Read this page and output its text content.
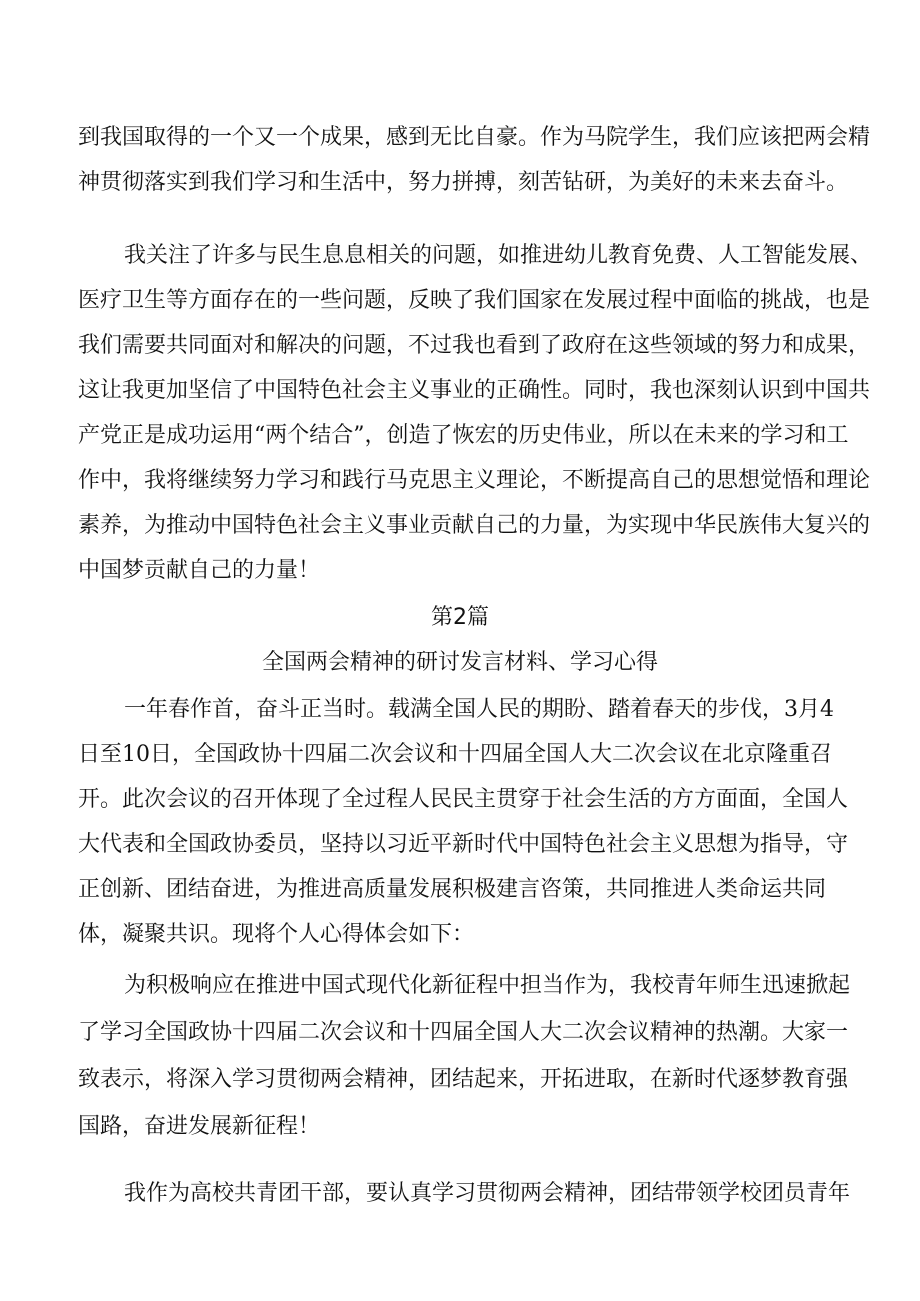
到我国取得的一个又一个成果，感到无比自豪。作为马院学生，我们应该把两会精
神贯彻落实到我们学习和生活中，努力拼搏，刻苦钻研，为美好的未来去奋斗。
我关注了许多与民生息息相关的问题，如推进幼儿教育免费、人工智能发展、
医疗卫生等方面存在的一些问题，反映了我们国家在发展过程中面临的挑战，也是
我们需要共同面对和解决的问题，不过我也看到了政府在这些领域的努力和成果，
这让我更加坚信了中国特色社会主义事业的正确性。同时，我也深刻认识到中国共
产党正是成功运用“两个结合”，创造了恢宏的历史伟业，所以在未来的学习和工
作中，我将继续努力学习和践行马克思主义理论，不断提高自己的思想觉悟和理论
素养，为推动中国特色社会主义事业贡献自己的力量，为实现中华民族伟大复兴的
中国梦贡献自己的力量！
第2篇
全国两会精神的研讨发言材料、学习心得
一年春作首，奋斗正当时。载满全国人民的期盼、踏着春天的步伐，3月4
日至10日，全国政协十四届二次会议和十四届全国人大二次会议在北京隆重召
开。此次会议的召开体现了全过程人民民主贯穿于社会生活的方方面面，全国人
大代表和全国政协委员，坚持以习近平新时代中国特色社会主义思想为指导，守
正创新、团结奋进，为推进高质量发展积极建言咨策，共同推进人类命运共同
体，凝聚共识。现将个人心得体会如下：
为积极响应在推进中国式现代化新征程中担当作为，我校青年师生迅速掀起
了学习全国政协十四届二次会议和十四届全国人大二次会议精神的热潮。大家一
致表示，将深入学习贯彻两会精神，团结起来，开拓进取，在新时代逐梦教育强
国路，奋进发展新征程！
我作为高校共青团干部，要认真学习贯彻两会精神，团结带领学校团员青年
